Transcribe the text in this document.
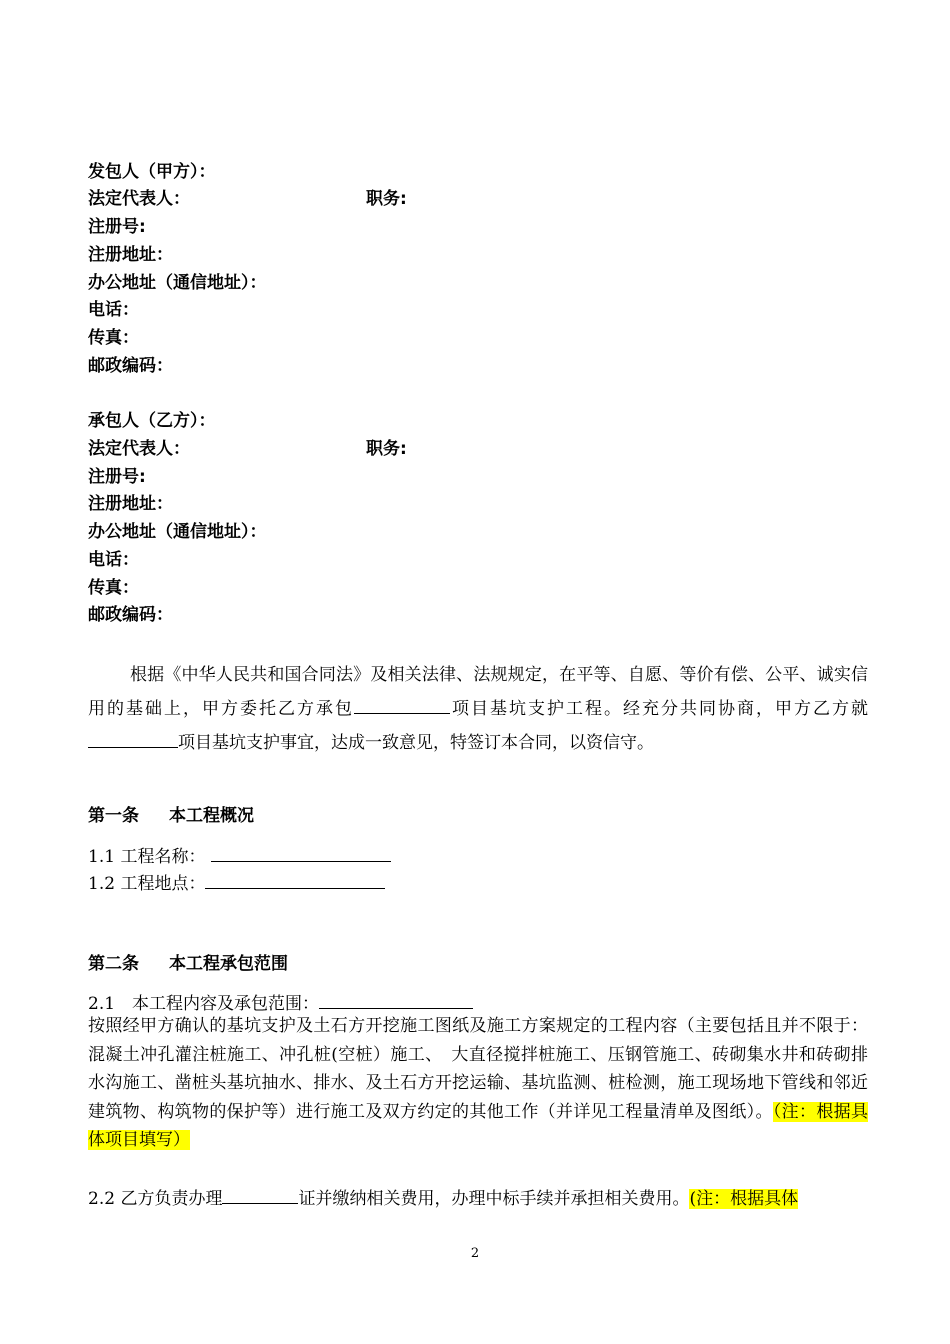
发包人（甲方）：
法定代表人：	职务:
注册号:
注册地址：
办公地址（通信地址）：
电话：
传真：
邮政编码：
承包人（乙方）：
法定代表人：	职务:
注册号:
注册地址：
办公地址（通信地址）：
电话：
传真：
邮政编码：
根据《中华人民共和国合同法》及相关法律、法规规定，在平等、自愿、等价有偿、公平、诚实信用的基础上，甲方委托乙方承包	项目基坑支护工程。经充分共同协商，甲方乙方就项目基坑支护事宜，达成一致意见，特签订本合同，以资信守。
第一条 本工程概况
1.1 工程名称：
1.2 工程地点：
第二条 本工程承包范围
2.1　本工程内容及承包范围：
按照经甲方确认的基坑支护及土石方开挖施工图纸及施工方案规定的工程内容（主要包括且并不限于：混凝土冲孔灌注桩施工、冲孔桩(空桩）施工、　大直径搅拌桩施工、压钢管施工、砖砌集水井和砖砌排水沟施工、凿桩头基坑抽水、排水、及土石方开挖运输、基坑监测、桩检测，施工现场地下管线和邻近建筑物、构筑物的保护等）进行施工及双方约定的其他工作（并详见工程量清单及图纸）。（注：根据具体项目填写）
2.2 乙方负责办理	证并缴纳相关费用，办理中标手续并承担相关费用。(注：根据具体
2
